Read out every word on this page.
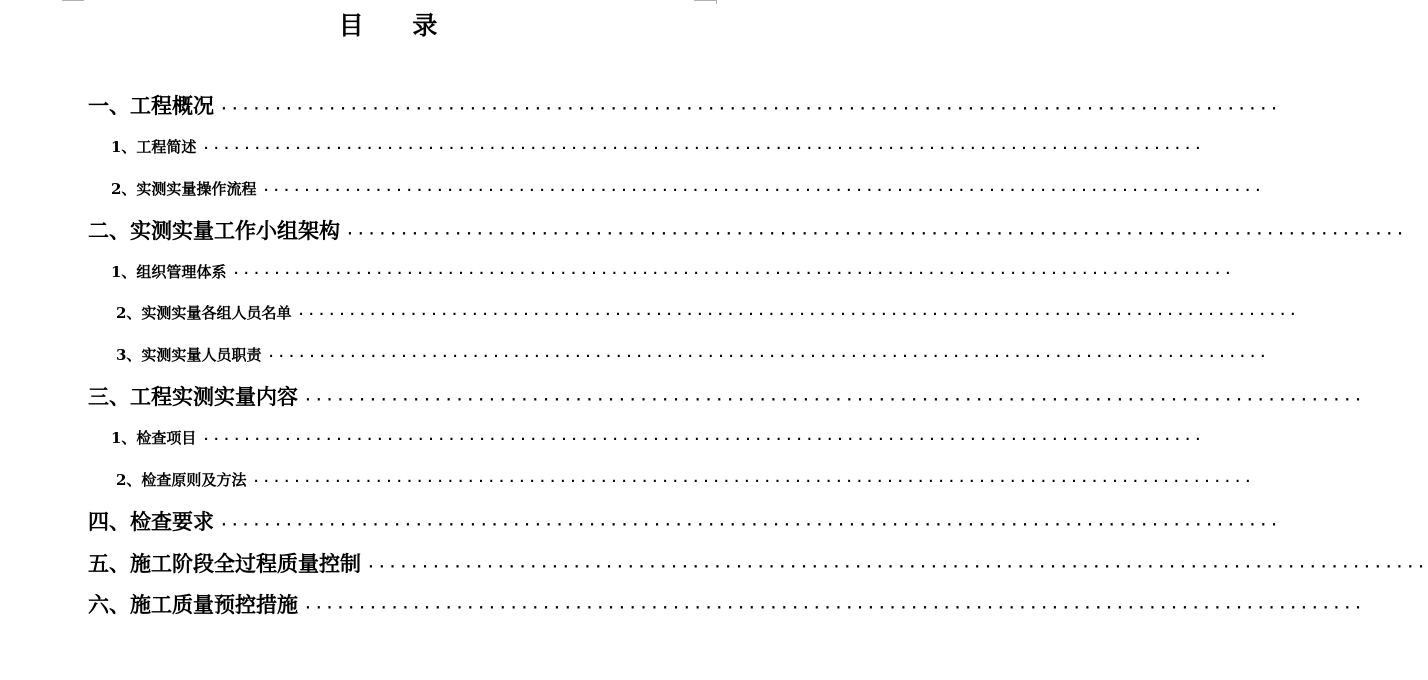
目 录
一、工程概况 ··································································································
1、工程简述 ··································································································
2、实测实量操作流程 ··································································································
二、实测实量工作小组架构 ··································································································
1、组织管理体系 ··································································································
2、实测实量各组人员名单 ··································································································
3、实测实量人员职责 ··································································································
三、工程实测实量内容 ··································································································
1、检查项目 ··································································································
2、检查原则及方法 ··································································································
四、检查要求 ··································································································
五、施工阶段全过程质量控制 ··································································································
六、施工质量预控措施 ··································································································
